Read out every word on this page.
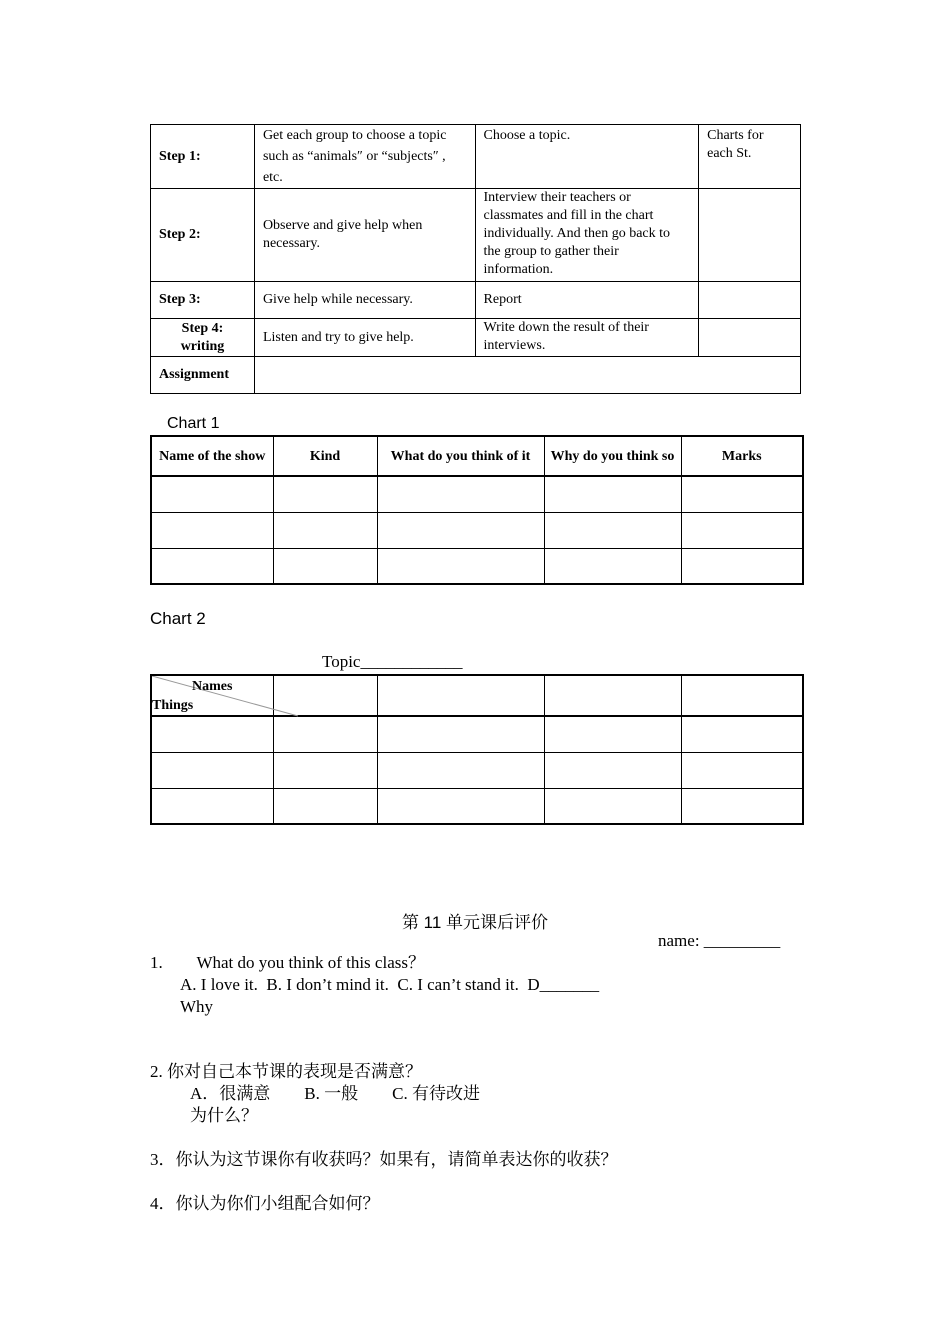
Step 1:	Get each group to choose a topic such as “animals″ or “subjects″ , etc.	Choose a topic.	Charts for each St.
Step 2:	Observe and give help when necessary.	Interview their teachers or classmates and fill in the chart individually. And then go back to the group to gather their information.	
Step 3:	Give help while necessary.	Report	
Step 4: writing	Listen and try to give help.	Write down the result of their interviews.	
Assignment			
Chart 1
Name of the show	Kind	What do you think of it	Why do you think so	Marks

Chart 2
Topic____________
Names
Things				

第 11 单元课后评价
name: _________
1.        What do you think of this class？
A. I love it.  B. I don’t mind it.  C. I can’t stand it.  D_______
Why
2. 你对自己本节课的表现是否满意？
A．很满意        B. 一般        C. 有待改进
为什么？
3．你认为这节课你有收获吗？如果有，请简单表达你的收获？
4．你认为你们小组配合如何？
